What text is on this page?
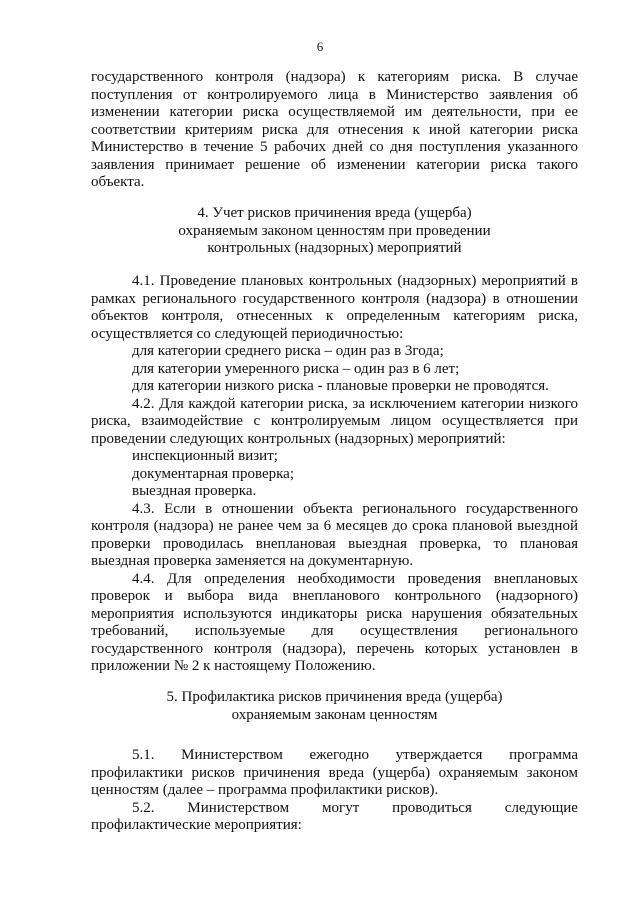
6

государственного контроля (надзора) к категориям риска. В случае поступления от контролируемого лица в Министерство заявления об изменении категории риска осуществляемой им деятельности, при ее соответствии критериям риска для отнесения к иной категории риска Министерство в течение 5 рабочих дней со дня поступления указанного заявления принимает решение об изменении категории риска такого объекта.

4. Учет рисков причинения вреда (ущерба)
охраняемым законом ценностям при проведении
контрольных (надзорных) мероприятий

4.1. Проведение плановых контрольных (надзорных) мероприятий в рамках регионального государственного контроля (надзора) в отношении объектов контроля, отнесенных к определенным категориям риска, осуществляется со следующей периодичностью:

для категории среднего риска – один раз в 3года;

для категории умеренного риска – один раз в 6 лет;

для категории низкого риска - плановые проверки не проводятся.

4.2. Для каждой категории риска, за исключением категории низкого риска, взаимодействие с контролируемым лицом осуществляется при проведении следующих контрольных (надзорных) мероприятий:

инспекционный визит;

документарная проверка;

выездная проверка.

4.3. Если в отношении объекта регионального государственного контроля (надзора) не ранее чем за 6 месяцев до срока плановой выездной проверки проводилась внеплановая выездная проверка, то плановая выездная проверка заменяется на документарную.

4.4. Для определения необходимости проведения внеплановых проверок и выбора вида внепланового контрольного (надзорного) мероприятия используются индикаторы риска нарушения обязательных требований, используемые для осуществления регионального государственного контроля (надзора), перечень которых установлен в приложении № 2 к настоящему Положению.

5. Профилактика рисков причинения вреда (ущерба)
охраняемым законам ценностям

5.1. Министерством ежегодно утверждается программа профилактики рисков причинения вреда (ущерба) охраняемым законом ценностям (далее – программа профилактики рисков).

5.2. Министерством могут проводиться следующие

профилактические мероприятия:
